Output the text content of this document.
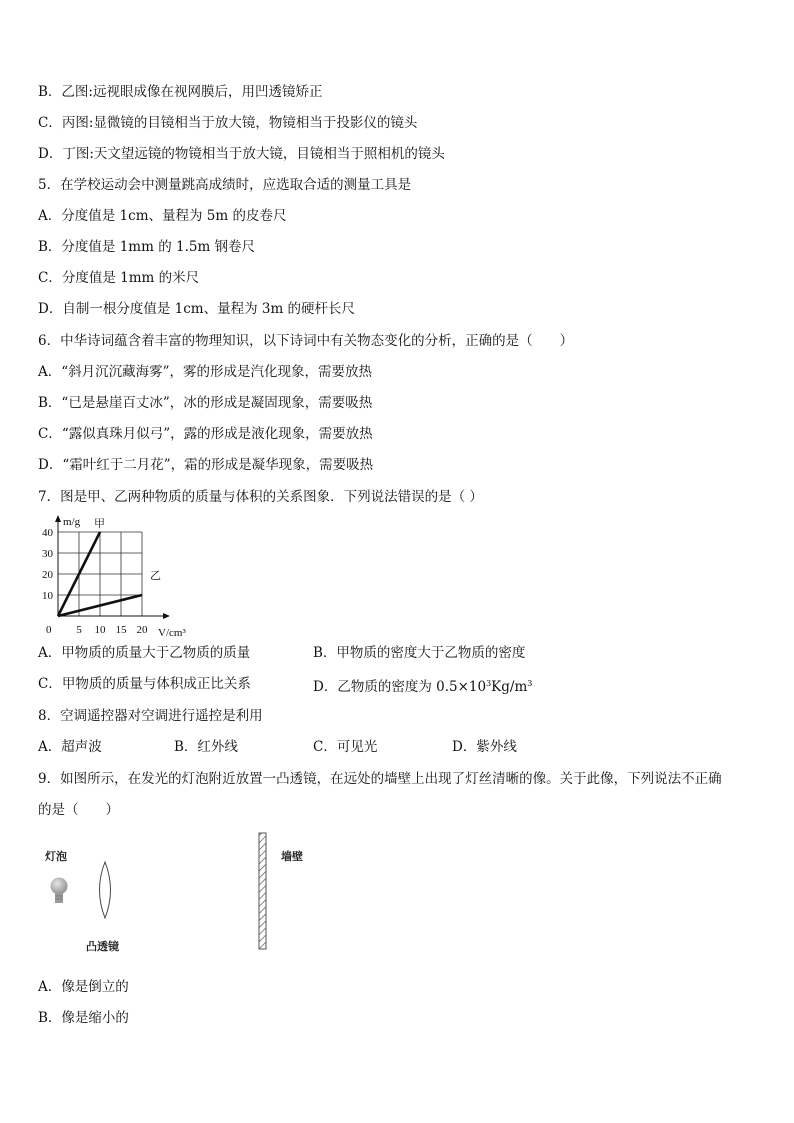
B．乙图:远视眼成像在视网膜后，用凹透镜矫正
C．丙图:显微镜的目镜相当于放大镜，物镜相当于投影仪的镜头
D．丁图:天文望远镜的物镜相当于放大镜，目镜相当于照相机的镜头
5．在学校运动会中测量跳高成绩时，应选取合适的测量工具是
A．分度值是 1cm、量程为 5m 的皮卷尺
B．分度值是 1mm 的 1.5m 钢卷尺
C．分度值是 1mm 的米尺
D．自制一根分度值是 1cm、量程为 3m 的硬杆长尺
6．中华诗词蕴含着丰富的物理知识，以下诗词中有关物态变化的分析，正确的是（　　）
A．“斜月沉沉藏海雾”，雾的形成是汽化现象，需要放热
B．“已是悬崖百丈冰”，冰的形成是凝固现象，需要吸热
C．“露似真珠月似弓”，露的形成是液化现象，需要放热
D．“霜叶红于二月花”，霜的形成是凝华现象，需要吸热
7．图是甲、乙两种物质的质量与体积的关系图象．下列说法错误的是（ ）
甲
乙
0 5 10 15 20
10
20
30
40
m/g
V/cm³
A．甲物质的质量大于乙物质的质量	B．甲物质的密度大于乙物质的密度
C．甲物质的质量与体积成正比关系	D．乙物质的密度为 $0.5\times 10^3Kg/m^3$
8．空调遥控器对空调进行遥控是利用
A．超声波	B．红外线	C．可见光	D．紫外线
9．如图所示，在发光的灯泡附近放置一凸透镜，在远处的墙壁上出现了灯丝清晰的像。关于此像，下列说法不正确
的是（　　）
灯泡
凸透镜
墙壁
A．像是倒立的
B．像是缩小的
